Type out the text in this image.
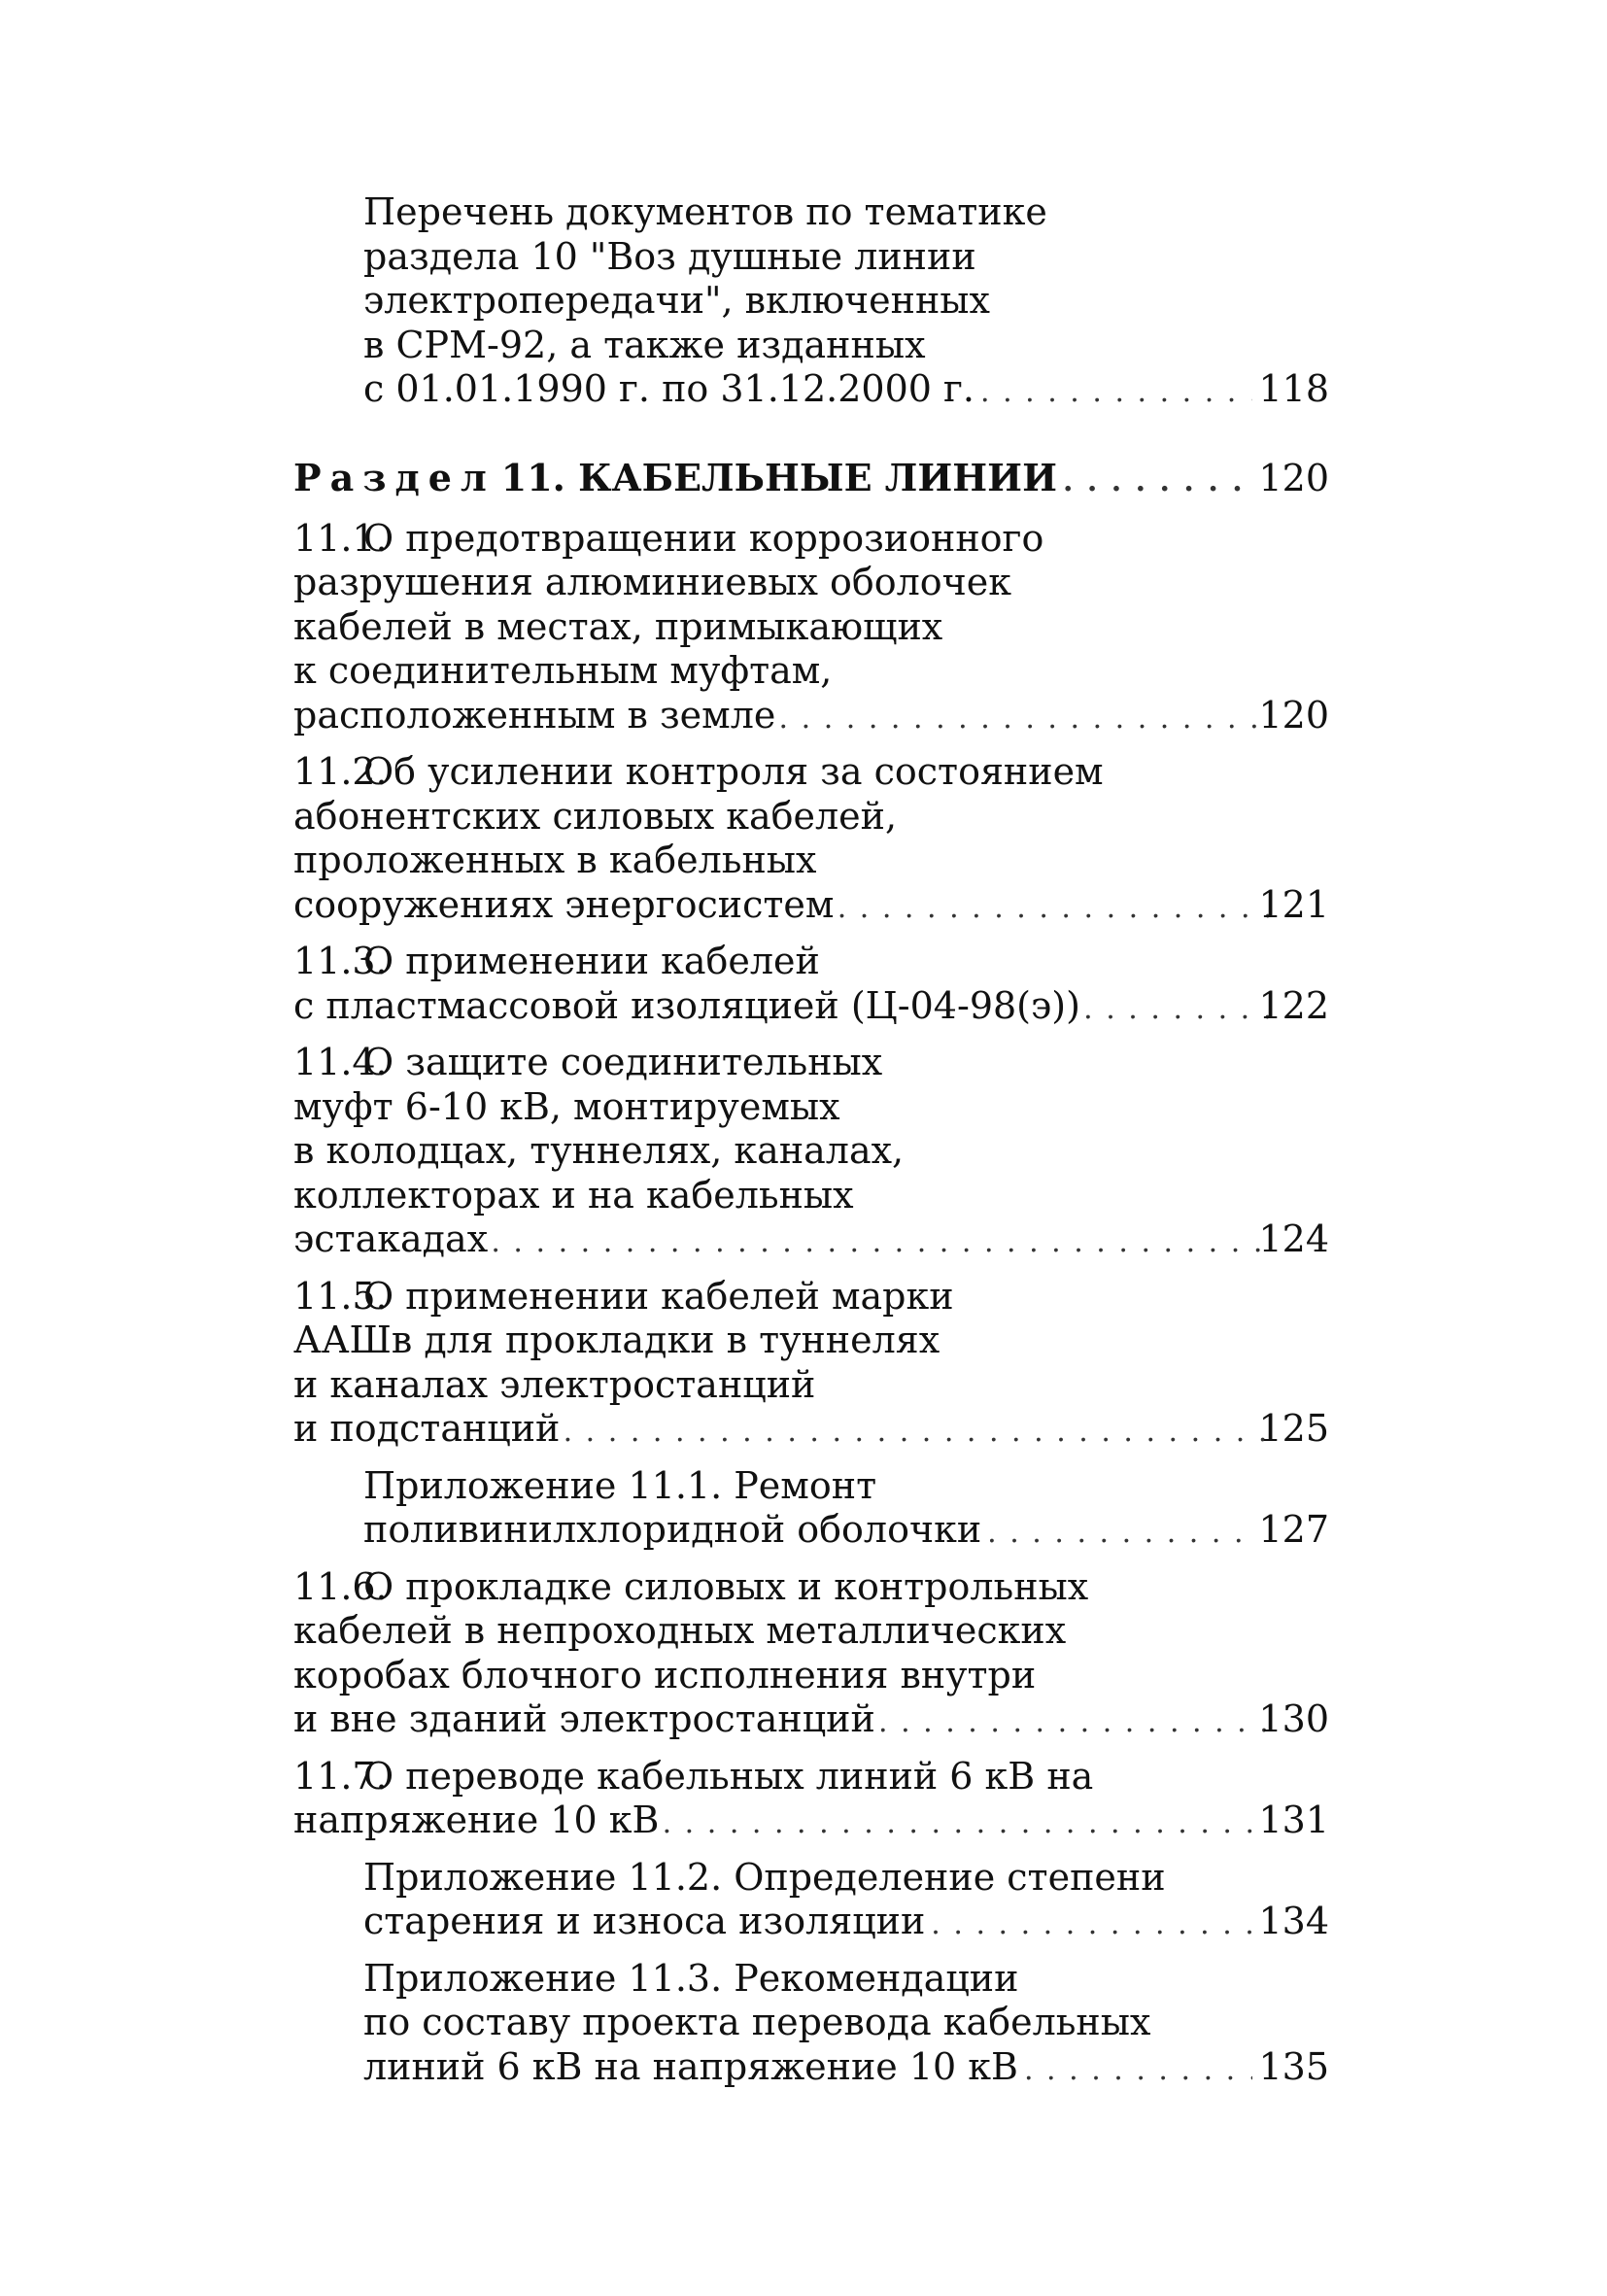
Перечень документов по тематике
раздела 10 "Воз душные линии
электропередачи", включенных
в СРМ-92, а также изданных
с 01.01.1990 г. по 31.12.2000 г. . . .	118
Раздел 11. КАБЕЛЬНЫЕ ЛИНИИ . . .	120
11.1.О предотвращении коррозионного
разрушения алюминиевых оболочек
кабелей в местах, примыкающих
к соединительным муфтам,
расположенным в земле . . .	120
11.2.Об усилении контроля за состоянием
абонентских силовых кабелей,
проложенных в кабельных
сооружениях энергосистем . . .	121
11.3.О применении кабелей
с пластмассовой изоляцией (Ц-04-98(э)) . . .	122
11.4.О защите соединительных
муфт 6-10 кВ, монтируемых
в колодцах, туннелях, каналах,
коллекторах и на кабельных
эстакадах . . .	124
11.5.О применении кабелей марки
ААШв для прокладки в туннелях
и каналах электростанций
и подстанций . . .	125
Приложение 11.1. Ремонт
поливинилхлоридной оболочки . . .	127
11.6.О прокладке силовых и контрольных
кабелей в непроходных металлических
коробах блочного исполнения внутри
и вне зданий электростанций . . .	130
11.7.О переводе кабельных линий 6 кВ на
напряжение 10 кВ . . .	131
Приложение 11.2. Определение степени
старения и износа изоляции . . .	134
Приложение 11.3. Рекомендации
по составу проекта перевода кабельных
линий 6 кВ на напряжение 10 кВ . . .	135
